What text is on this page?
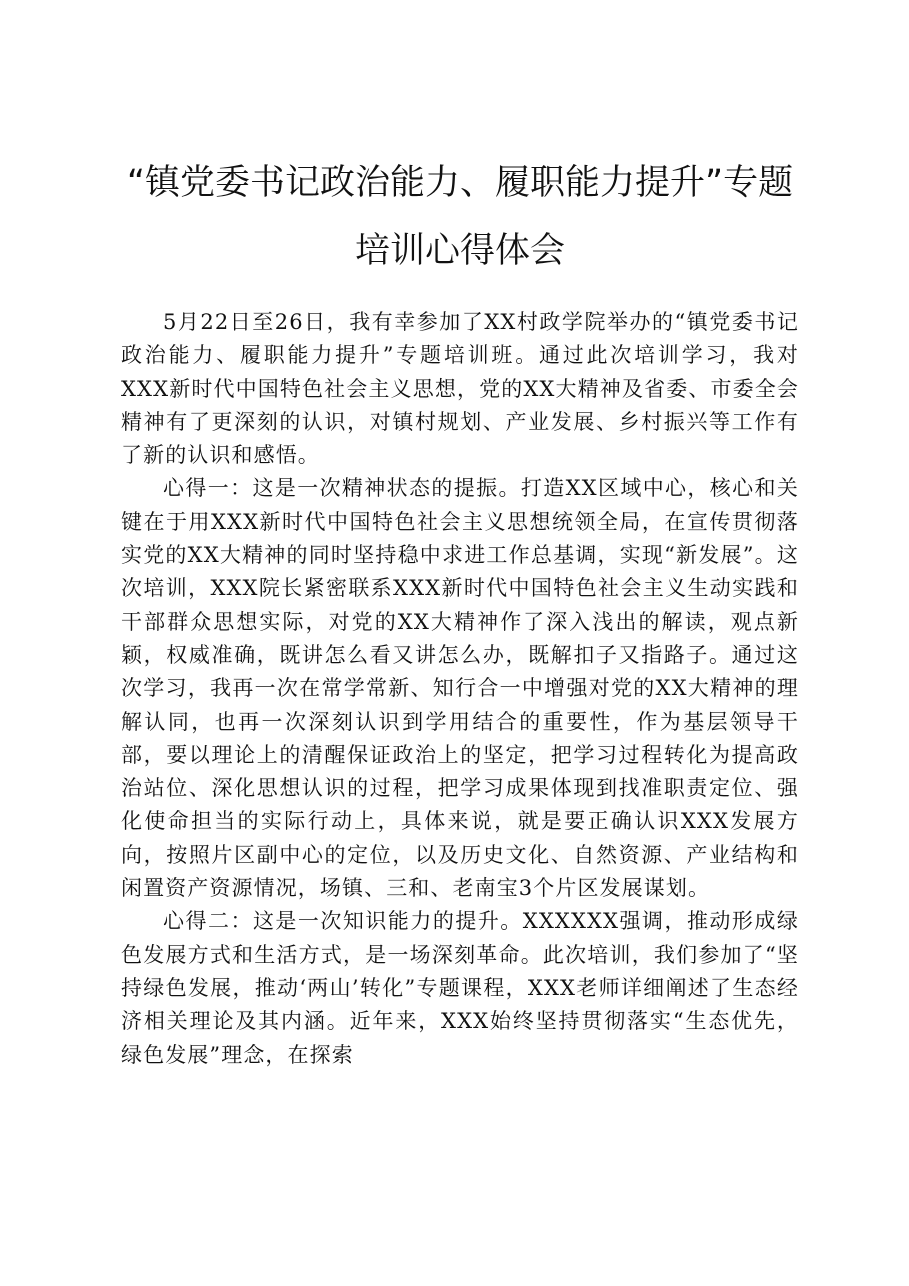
“镇党委书记政治能力、履职能力提升”专题
培训心得体会

5月22日至26日，我有幸参加了XX村政学院举办的“镇党委书记政治能力、履职能力提升”专题培训班。通过此次培训学习，我对XXX新时代中国特色社会主义思想，党的XX大精神及省委、市委全会精神有了更深刻的认识，对镇村规划、产业发展、乡村振兴等工作有了新的认识和感悟。

心得一：这是一次精神状态的提振。打造XX区域中心，核心和关键在于用XXX新时代中国特色社会主义思想统领全局，在宣传贯彻落实党的XX大精神的同时坚持稳中求进工作总基调，实现“新发展”。这次培训，XXX院长紧密联系XXX新时代中国特色社会主义生动实践和干部群众思想实际，对党的XX大精神作了深入浅出的解读，观点新颖，权威准确，既讲怎么看又讲怎么办，既解扣子又指路子。通过这次学习，我再一次在常学常新、知行合一中增强对党的XX大精神的理解认同，也再一次深刻认识到学用结合的重要性，作为基层领导干部，要以理论上的清醒保证政治上的坚定，把学习过程转化为提高政治站位、深化思想认识的过程，把学习成果体现到找准职责定位、强化使命担当的实际行动上，具体来说，就是要正确认识XXX发展方向，按照片区副中心的定位，以及历史文化、自然资源、产业结构和闲置资产资源情况，场镇、三和、老南宝3个片区发展谋划。

心得二：这是一次知识能力的提升。XXXXXX强调，推动形成绿色发展方式和生活方式，是一场深刻革命。此次培训，我们参加了“坚持绿色发展，推动‘两山’转化”专题课程，XXX老师详细阐述了生态经济相关理论及其内涵。近年来，XXX始终坚持贯彻落实“生态优先，绿色发展”理念，在探索
